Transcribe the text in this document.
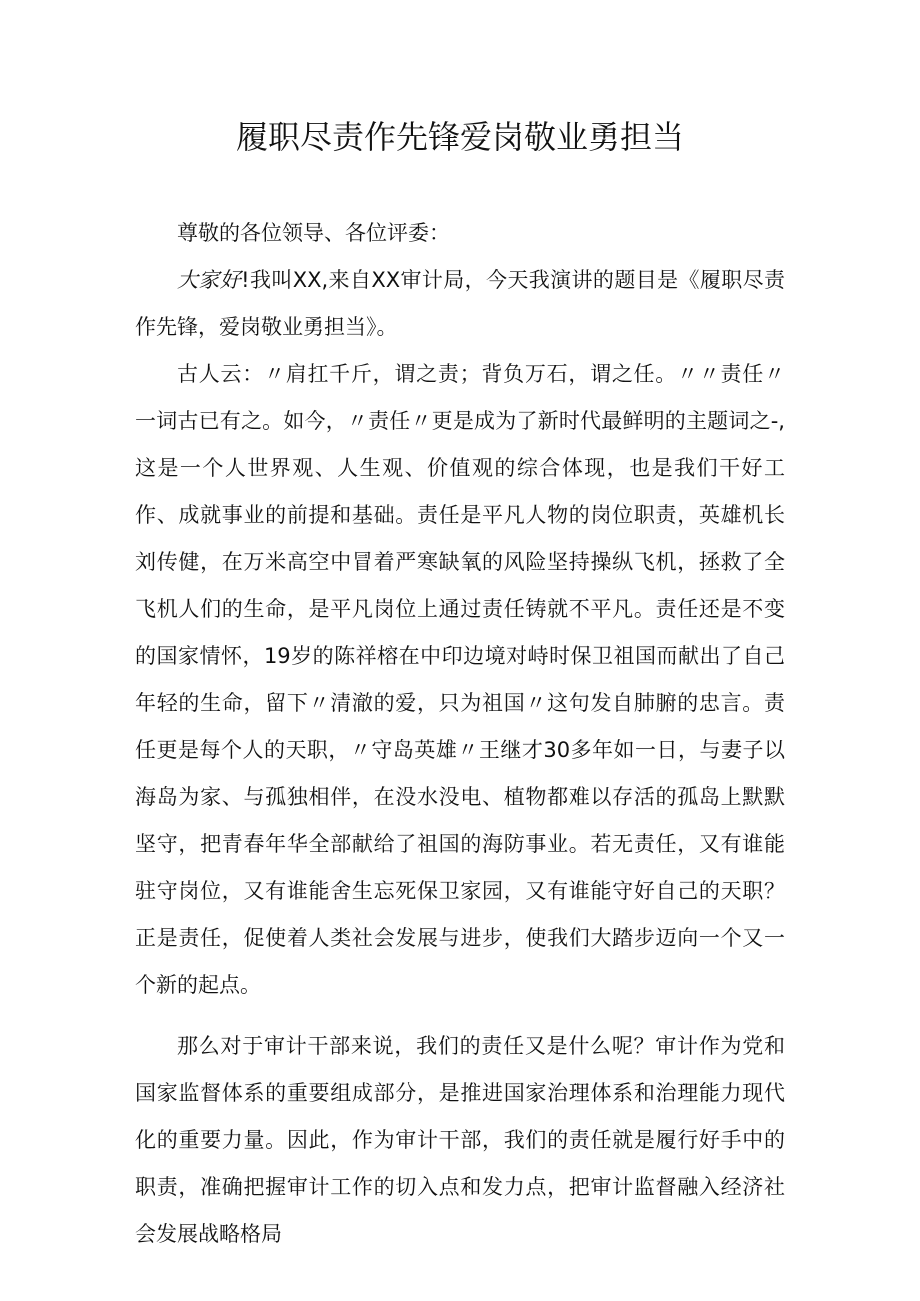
履职尽责作先锋爱岗敬业勇担当

尊敬的各位领导、各位评委：

大家好!我叫XX,来自XX审计局，今天我演讲的题目是《履职尽责作先锋，爱岗敬业勇担当》。

古人云：〃肩扛千斤，谓之责；背负万石，谓之任。〃〃责任〃一词古已有之。如今，〃责任〃更是成为了新时代最鲜明的主题词之-,这是一个人世界观、人生观、价值观的综合体现，也是我们干好工作、成就事业的前提和基础。责任是平凡人物的岗位职责，英雄机长刘传健，在万米高空中冒着严寒缺氧的风险坚持操纵飞机，拯救了全飞机人们的生命，是平凡岗位上通过责任铸就不平凡。责任还是不变的国家情怀，19岁的陈祥榕在中印边境对峙时保卫祖国而献出了自己年轻的生命，留下〃清澈的爱，只为祖国〃这句发自肺腑的忠言。责任更是每个人的天职，〃守岛英雄〃王继才30多年如一日，与妻子以海岛为家、与孤独相伴，在没水没电、植物都难以存活的孤岛上默默坚守，把青春年华全部献给了祖国的海防事业。若无责任，又有谁能驻守岗位，又有谁能舍生忘死保卫家园，又有谁能守好自己的天职？正是责任，促使着人类社会发展与进步，使我们大踏步迈向一个又一个新的起点。

那么对于审计干部来说，我们的责任又是什么呢？审计作为党和国家监督体系的重要组成部分，是推进国家治理体系和治理能力现代化的重要力量。因此，作为审计干部，我们的责任就是履行好手中的职责，准确把握审计工作的切入点和发力点，把审计监督融入经济社会发展战略格局
